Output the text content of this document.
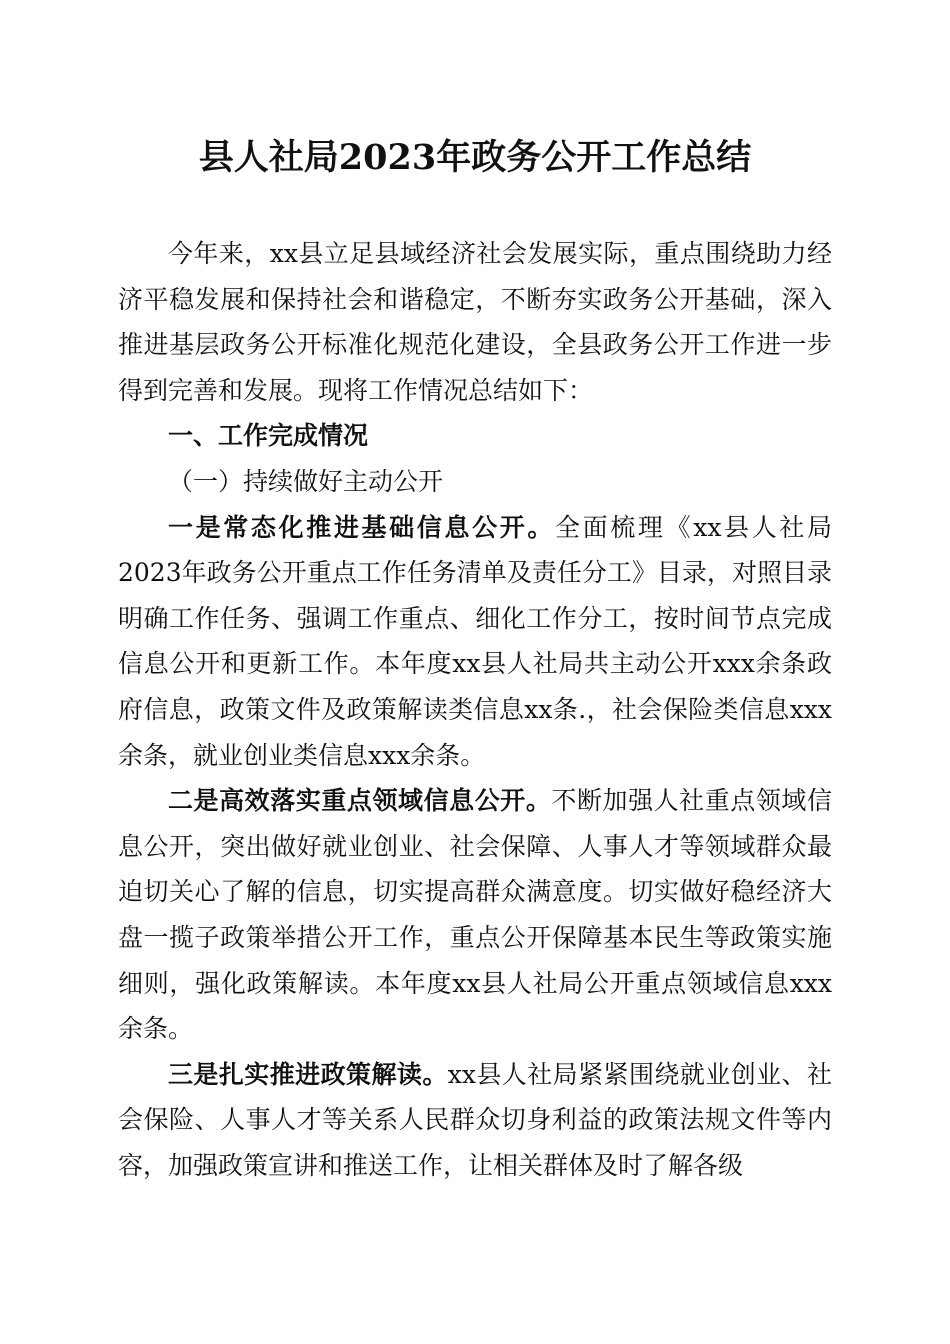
县人社局2023年政务公开工作总结

今年来，xx县立足县域经济社会发展实际，重点围绕助力经济平稳发展和保持社会和谐稳定，不断夯实政务公开基础，深入推进基层政务公开标准化规范化建设，全县政务公开工作进一步得到完善和发展。现将工作情况总结如下：

一、工作完成情况

（一）持续做好主动公开

一是常态化推进基础信息公开。全面梳理《xx县人社局2023年政务公开重点工作任务清单及责任分工》目录，对照目录明确工作任务、强调工作重点、细化工作分工，按时间节点完成信息公开和更新工作。本年度xx县人社局共主动公开xxx余条政府信息，政策文件及政策解读类信息xx条.，社会保险类信息xxx余条，就业创业类信息xxx余条。

二是高效落实重点领域信息公开。不断加强人社重点领域信息公开，突出做好就业创业、社会保障、人事人才等领域群众最迫切关心了解的信息，切实提高群众满意度。切实做好稳经济大盘一揽子政策举措公开工作，重点公开保障基本民生等政策实施细则，强化政策解读。本年度xx县人社局公开重点领域信息xxx余条。

三是扎实推进政策解读。xx县人社局紧紧围绕就业创业、社会保险、人事人才等关系人民群众切身利益的政策法规文件等内容，加强政策宣讲和推送工作，让相关群体及时了解各级
